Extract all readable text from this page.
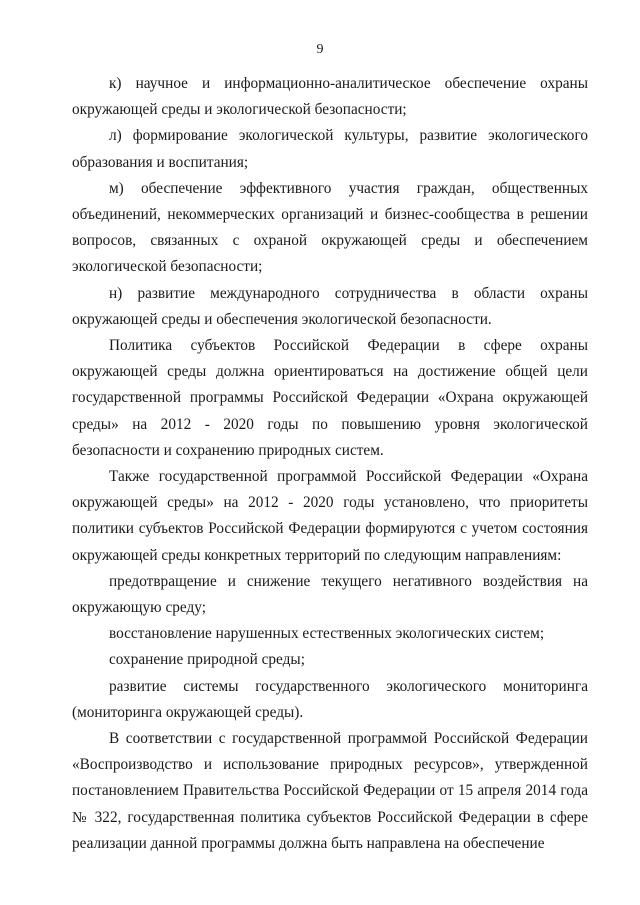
9

к) научное и информационно-аналитическое обеспечение охраны окружающей среды и экологической безопасности;

л) формирование экологической культуры, развитие экологического образования и воспитания;

м) обеспечение эффективного участия граждан, общественных объединений, некоммерческих организаций и бизнес-сообщества в решении вопросов, связанных с охраной окружающей среды и обеспечением экологической безопасности;

н) развитие международного сотрудничества в области охраны окружающей среды и обеспечения экологической безопасности.

Политика субъектов Российской Федерации в сфере охраны окружающей среды должна ориентироваться на достижение общей цели государственной программы Российской Федерации «Охрана окружающей среды» на 2012 - 2020 годы по повышению уровня экологической безопасности и сохранению природных систем.

Также государственной программой Российской Федерации «Охрана окружающей среды» на 2012 - 2020 годы установлено, что приоритеты политики субъектов Российской Федерации формируются с учетом состояния окружающей среды конкретных территорий по следующим направлениям:

предотвращение и снижение текущего негативного воздействия на окружающую среду;

восстановление нарушенных естественных экологических систем;

сохранение природной среды;

развитие системы государственного экологического мониторинга (мониторинга окружающей среды).

В соответствии с государственной программой Российской Федерации «Воспроизводство и использование природных ресурсов», утвержденной постановлением Правительства Российской Федерации от 15 апреля 2014 года № 322, государственная политика субъектов Российской Федерации в сфере реализации данной программы должна быть направлена на обеспечение
